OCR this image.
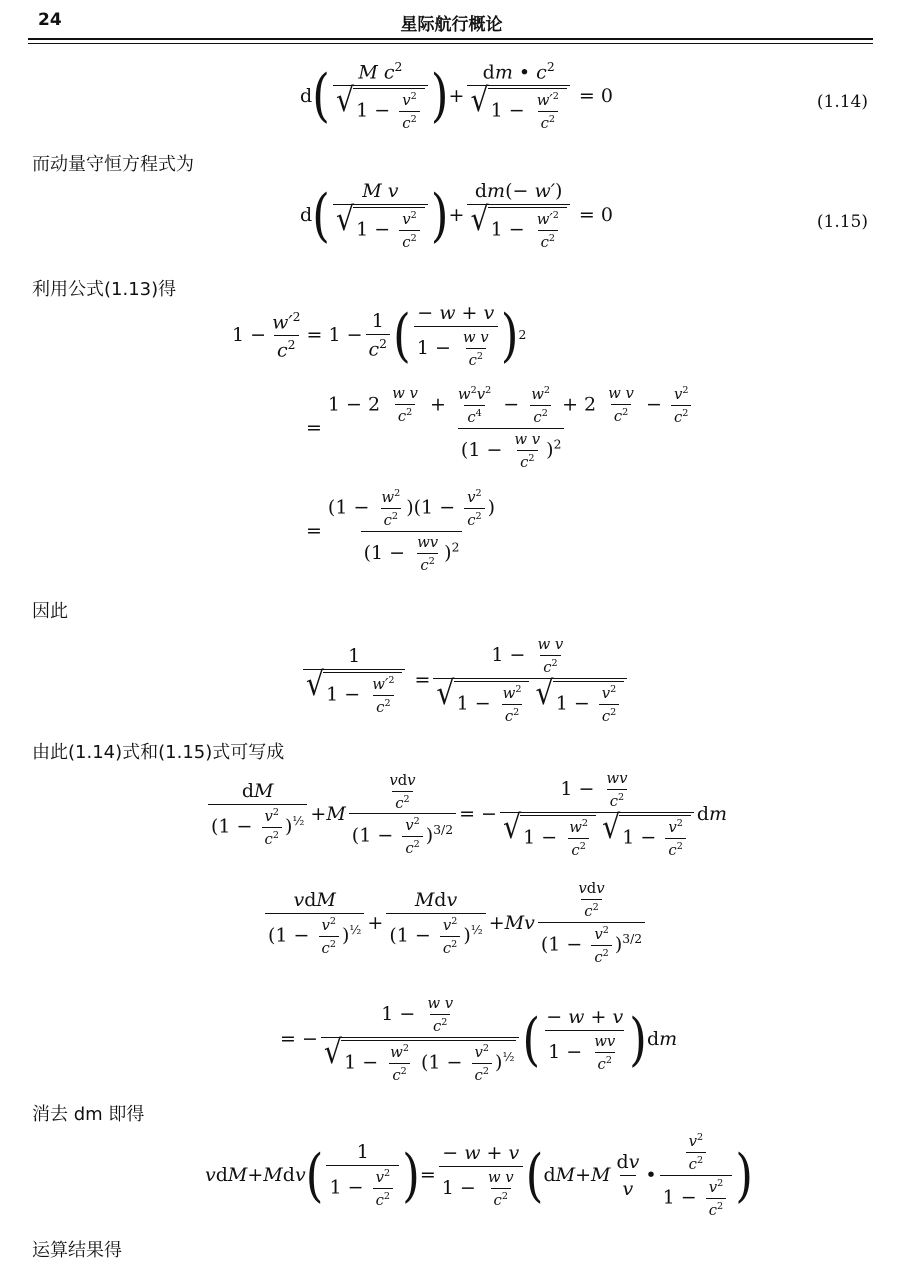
24	星际航行概论
d ( $\frac{M c^2}{√ 1 - \frac{v^2}{c^2}}$ ) + $\frac{dm • c^2}{√ 1 - \frac{w'^2}{c^2}} = 0$	(1.14)
而动量守恒方程式为
d ( $\frac{\text{M v}}{√ 1 - \frac{v^2}{c^2}}$ ) + $\frac{dm(- w')}{√ 1 - \frac{w'^2}{c^2}} = 0$	(1.15)
利用公式(1.13)得
$1 - \frac{w'^2}{c^2} = 1 - \frac{1}{c^2}$ ( $\frac{- w + v}{1 - \frac{\text{w v}}{c^2}}$ ) 2
=
$1 - 2 \frac{\text{w v}}{c^2} + \frac{w^2v^2}{c^4} - \frac{w^2}{c^2} + 2 \frac{\text{w v}}{c^2} - \frac{v^2}{c^2}$
$(1 - \frac{\text{w v}}{c^2} )^2$
= $\frac{(1 - \frac{w^2}{c^2} )(1 - \frac{v^2}{c^2} )}{(1 - \frac{wv}{c^2} )^2}$
因此
$\frac{1}{√ 1 - \frac{w'^2}{c^2}} = 1 - \frac{\text{w v}}{c^2}$
√ $1 - \frac{w^2}{c^2}$
√ $1 - \frac{v^2}{c^2}$
由此(1.14)式和(1.15)式可写成
$\frac{dM}{(1 - \frac{v^2}{c^2} )^{\frac{1}{2}}} + M \frac{\frac{\text{vdv}}{c^2}}{(1 - \frac{v^2}{c^2} )^{3/2}}$ = − $1 - \frac{wv}{c^2}$
√ $1 - \frac{w^2}{c^2}$
√ $1 - \frac{v^2}{c^2}$ d m
$\frac{\text{vdM}}{(1 - \frac{v^2}{c^2} )^{\frac{1}{2}}} + \frac{\text{Mdv}}{(1 - \frac{v^2}{c^2} )^{\frac{1}{2}}} + Mv \frac{\frac{\text{vdv}}{c^2}}{(1 - \frac{v^2}{c^2} )^{3/2}}$
= − $\frac{1 - \frac{\text{w v}}{c^2}}{√ 1 - \frac{w^2}{c^2} (1 - \frac{v^2}{c^2} )^{\frac{1}{2}}}$ ( $\frac{- w + v}{1 - \frac{wv}{c^2}}$ ) d m
消去 dm 即得
v d M + M d v ( $\frac{1}{1 - \frac{v^2}{c^2}}$ ) = $\frac{- w + v}{1 - \frac{\text{w v}}{c^2}}$ ( d M + M $\frac{dv}{v}$ • $\frac{\frac{v^2}{c^2}}{1 - \frac{v^2}{c^2}}$ )
运算结果得
